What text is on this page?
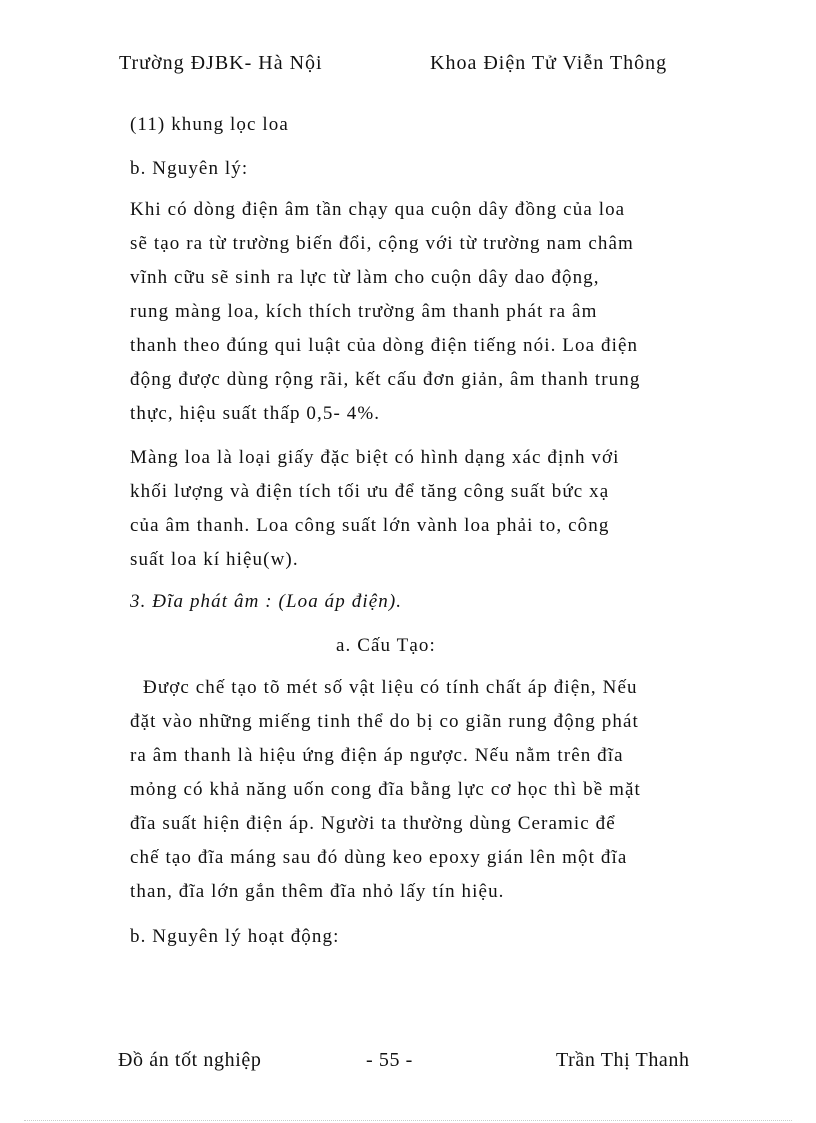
Trường ĐJBK- Hà Nội	Khoa Điện Tử Viễn Thông
(11) khung lọc loa
b. Nguyên lý:
Khi có dòng điện âm tần chạy qua cuộn dây đồng của loa
sẽ tạo ra từ trường biến đổi, cộng với từ trường nam châm
vĩnh cữu sẽ sinh ra lực từ làm cho cuộn dây dao động,
rung màng loa, kích thích trường âm thanh phát ra âm
thanh theo đúng qui luật của dòng điện tiếng nói. Loa điện
động được dùng rộng rãi, kết cấu đơn giản, âm thanh trung
thực, hiệu suất thấp 0,5- 4%.
Màng loa là loại giấy đặc biệt có hình dạng xác định với
khối lượng và điện tích tối ưu để tăng công suất bức xạ
của âm thanh. Loa công suất lớn vành loa phải to, công
suất loa kí hiệu(w).
3. Đĩa phát âm : (Loa áp điện).
a. Cấu Tạo:
Được chế tạo tõ mét số vật liệu có tính chất áp điện, Nếu
đặt vào những miếng tinh thể do bị co giãn rung động phát
ra âm thanh là hiệu ứng điện áp ngược. Nếu nằm trên đĩa
mỏng có khả năng uốn cong đĩa bằng lực cơ học thì bề mặt
đĩa suất hiện điện áp. Người ta thường dùng Ceramic để
chế tạo đĩa máng sau đó dùng keo epoxy gián lên một đĩa
than, đĩa lớn gắn thêm đĩa nhỏ lấy tín hiệu.
b. Nguyên lý hoạt động:
Đồ án tốt nghiệp	- 55 -	Trần Thị Thanh
